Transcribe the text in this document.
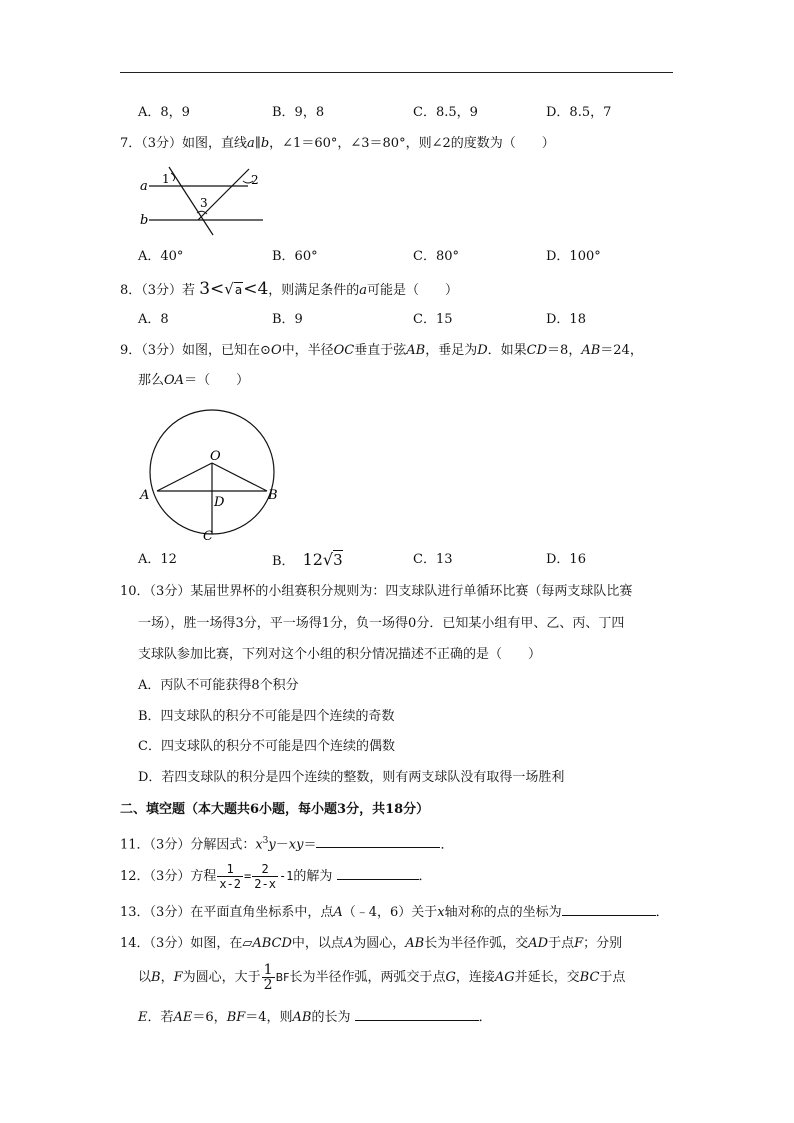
A．8，9	B．9，8	C．8.5，9	D．8.5，7
7．（3分）如图，直线a∥b，∠1＝60°，∠3＝80°，则∠2的度数为（　　）
a
b
1	2
3
A．40°	B．60°	C．80°	D．100°
8．（3分）若 3<√a<4，则满足条件的a可能是（　　）
A．8	B．9	C．15	D．18
9．（3分）如图，已知在⊙O中，半径OC垂直于弦AB，垂足为D．如果CD＝8，AB＝24，
那么OA＝（　　）
O
A	B
D
C
A．12	B． 12√3	C．13	D．16
10．（3分）某届世界杯的小组赛积分规则为：四支球队进行单循环比赛（每两支球队比赛
一场），胜一场得3分，平一场得1分，负一场得0分．已知某小组有甲、乙、丙、丁四
支球队参加比赛，下列对这个小组的积分情况描述不正确的是（　　）
A．丙队不可能获得8个积分
B．四支球队的积分不可能是四个连续的奇数
C．四支球队的积分不可能是四个连续的偶数
D．若四支球队的积分是四个连续的整数，则有两支球队没有取得一场胜利
二、填空题（本大题共6小题，每小题3分，共18分）
11．（3分）分解因式：$x^3y-xy=$	．
12．（3分）方程 $\frac{1}{x-2} = \frac{2}{2-x} -1$的解为	．
13．（3分）在平面直角坐标系中，点A（﹣4，6）关于x轴对称的点的坐标为	．
14．（3分）如图，在▱ABCD中，以点A为圆心，AB长为半径作弧，交AD于点F；分别
以B，F为圆心，大于 $\frac{1}{2}$ BF长为半径作弧，两弧交于点G，连接AG并延长，交BC于点
E．若AE＝6，BF＝4，则AB的长为	．
